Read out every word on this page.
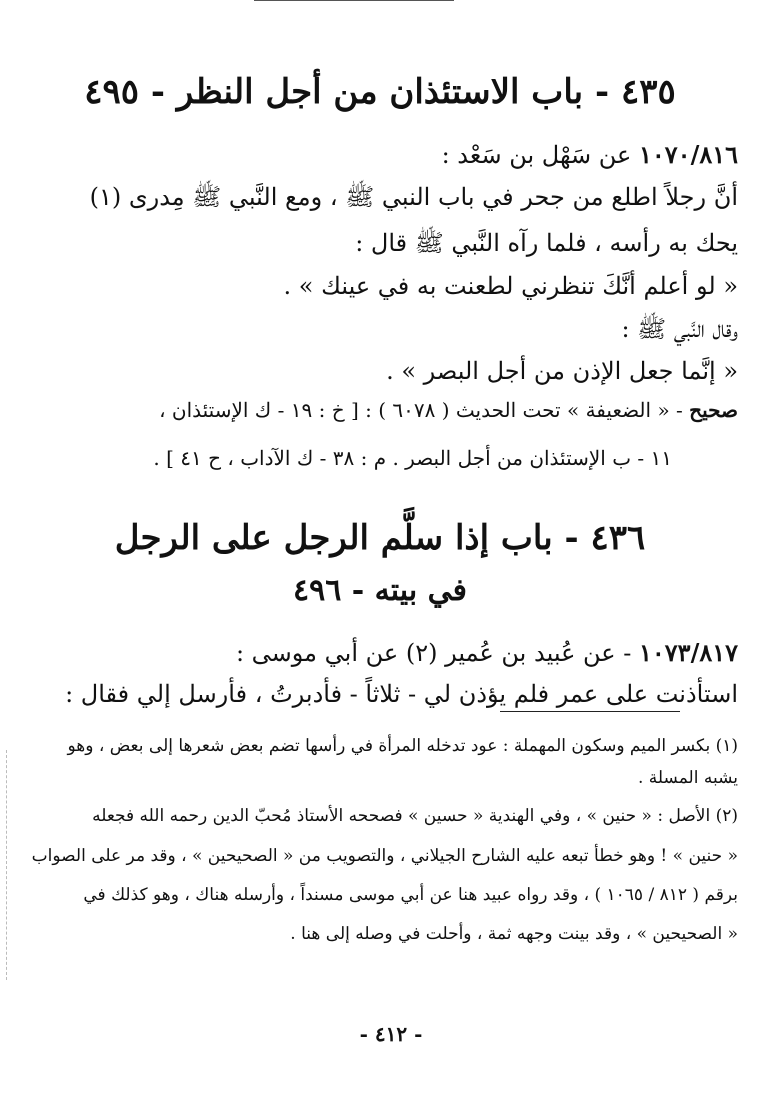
٤٣٥ - باب الاستئذان من أجل النظر - ٤٩٥
١٠٧٠/٨١٦ عن سَهْل بن سَعْد :
أنَّ رجلاً اطلع من جحر في باب النبي ﷺ ، ومع النَّبي ﷺ مِدرى (١)
يحك به رأسه ، فلما رآه النَّبي ﷺ قال :
« لو أعلم أنَّكَ تنظرني لطعنت به في عينك » .
وقال النَّبي ﷺ :
« إنَّما جعل الإذن من أجل البصر » .
صحيح - « الضعيفة » تحت الحديث ( ٦٠٧٨ ) : [ خ : ١٩ - ك الإستئذان ،
١١ - ب الإستئذان من أجل البصر . م : ٣٨ - ك الآداب ، ح ٤١ ] .
٤٣٦ - باب إذا سلَّم الرجل على الرجل
في بيته - ٤٩٦
١٠٧٣/٨١٧ - عن عُبيد بن عُمير (٢) عن أبي موسى :
استأذنت على عمر فلم يؤذن لي - ثلاثاً - فأدبرتُ ، فأرسل إلي فقال :
(١) بكسر الميم وسكون المهملة : عود تدخله المرأة في رأسها تضم بعض شعرها إلى بعض ، وهو
يشبه المسلة .
(٢) الأصل : « حنين » ، وفي الهندية « حسين » فصححه الأستاذ مُحبّ الدين رحمه الله فجعله
« حنين » ! وهو خطأ تبعه عليه الشارح الجيلاني ، والتصويب من « الصحيحين » ، وقد مر على الصواب
برقم ( ٨١٢ / ١٠٦٥ ) ، وقد رواه عبيد هنا عن أبي موسى مسنداً ، وأرسله هناك ، وهو كذلك في
« الصحيحين » ، وقد بينت وجهه ثمة ، وأحلت في وصله إلى هنا .
- ٤١٢ -
